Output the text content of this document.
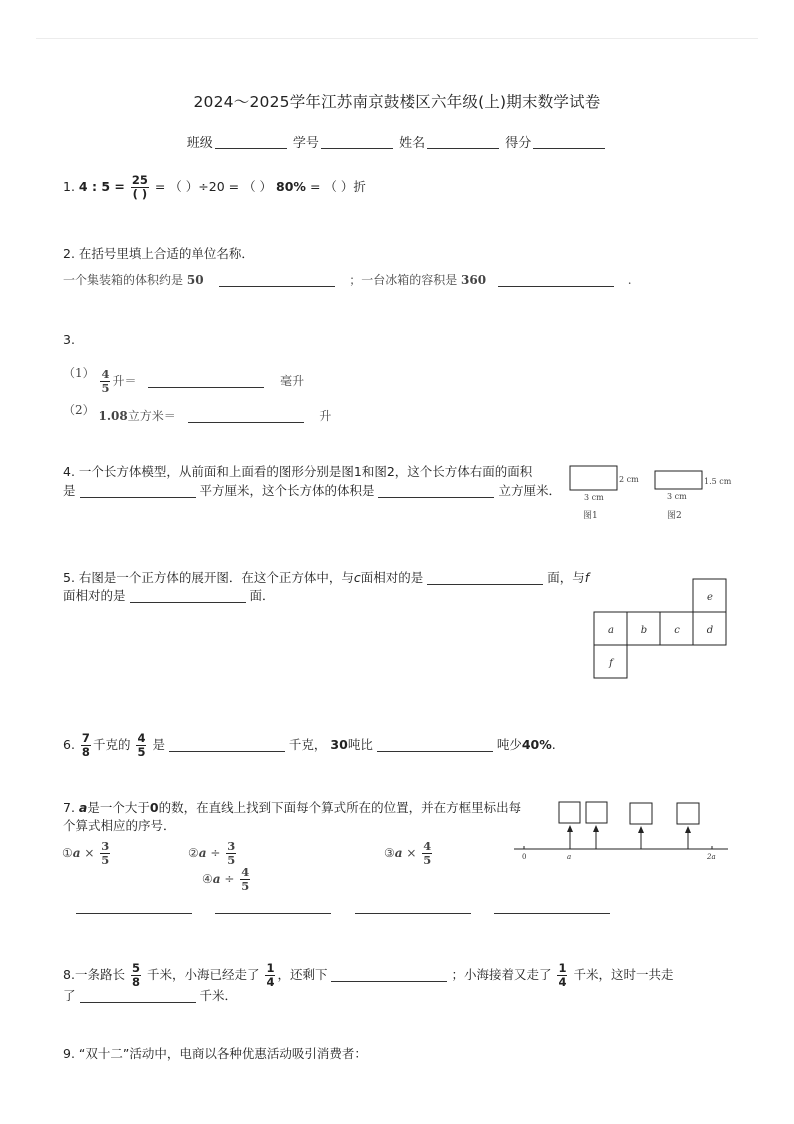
2024～2025学年江苏南京鼓楼区六年级(上)期末数学试卷
班级	学号	姓名	得分
1. 4 : $5 = \frac{25}{( )}$ = （ ）÷20 = （ ） 80% = （ ）折
2. 在括号里填上合适的单位名称．
一个集装箱的体积约是 50	；一台冰箱的容积是 360	.
3.
$(1) \frac{4}{5}$ 升＝	毫升
（2） 1.08立方米＝	升
4. 一个长方体模型，从前面和上面看的图形分别是图1和图2，这个长方体右面的面积
是	平方厘米，这个长方体的体积是	立方厘米．
2 cm
3 cm
图1
1.5 cm
3 cm
图2
5. 右图是一个正方体的展开图．在这个正方体中，与c面相对的是	面，与f
面相对的是	面．	e
a	b	c	d
f
6. $\frac{7}{8}$ 千克的 $\frac{4}{5}$ 是	千克， 30吨比	吨少40%.
7. a是一个大于0的数，在直线上找到下面每个算式所在的位置，并在方框里标出每
个算式相应的序号．
①a × $\frac{3}{5}$	②a ÷ $\frac{3}{5}$	③a × $\frac{4}{5}$
④a ÷ $\frac{4}{5}$
0	a	2a
8.一条路长 $\frac{5}{8}$ 千米，小海已经走了 $\frac{1}{4}$ ，还剩下	；小海接着又走了 $\frac{1}{4}$ 千米，这时一共走
了	千米．
9. “双十二”活动中，电商以各种优惠活动吸引消费者：
